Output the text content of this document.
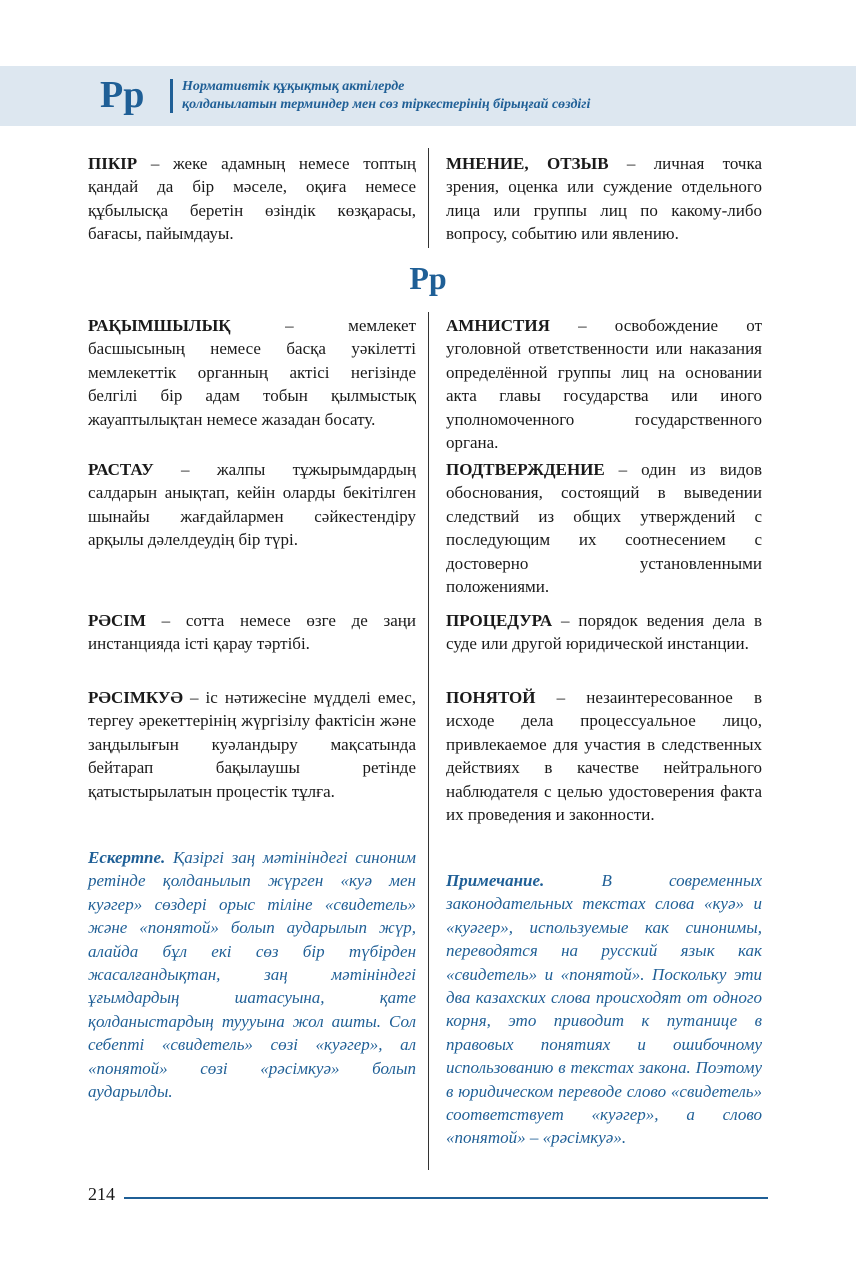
Рр	Нормативтік құқықтық актілерде
қолданылатын терминдер мен сөз тіркестерінің бірыңғай сөздігі
ПІКІР – жеке адамның немесе топтың қандай да бір мәселе, оқиға немесе құбылысқа беретін өзіндік көзқарасы, бағасы, пайымдауы.
МНЕНИЕ, ОТЗЫВ – личная точка зрения, оценка или суждение отдельного лица или группы лиц по какому-либо вопросу, событию или явлению.
Рр
РАҚЫМШЫЛЫҚ – мемлекет басшысының немесе басқа уәкілетті мемлекеттік органның актісі негізінде белгілі бір адам тобын қылмыстық жауаптылықтан немесе жазадан босату.
АМНИСТИЯ – освобождение от уголовной ответственности или наказания определённой группы лиц на основании акта главы государства или иного уполномоченного государственного органа.
РАСТАУ – жалпы тұжырымдардың салдарын анықтап, кейін оларды бекітілген шынайы жағдайлармен сәйкестендіру арқылы дәлелдеудің бір түрі.
ПОДТВЕРЖДЕНИЕ – один из видов обоснования, состоящий в выведении следствий из общих утверждений с последующим их соотнесением с достоверно установленными положениями.
РӘСІМ – сотта немесе өзге де заңи инстанцияда істі қарау тәртібі.
ПРОЦЕДУРА – порядок ведения дела в суде или другой юридической инстанции.
РӘСІМКУӘ – іс нәтижесіне мүдделі емес, тергеу әрекеттерінің жүргізілу фактісін және заңдылығын куәландыру мақсатында бейтарап бақылаушы ретінде қатыстырылатын процестік тұлға.
ПОНЯТОЙ – незаинтересованное в исходе дела процессуальное лицо, привлекаемое для участия в следственных действиях в качестве нейтрального наблюдателя с целью удостоверения факта их проведения и законности.
Ескертпе. Қазіргі заң мәтініндегі синоним ретінде қолданылып жүрген «куә мен куәгер» сөздері орыс тіліне «свидетель» және «понятой» болып аударылып жүр, алайда бұл екі сөз бір түбірден жасалғандықтан, заң мәтініндегі ұғымдардың шатасуына, қате қолданыстардың туууына жол ашты. Сол себепті «свидетель» сөзі «куәгер», ал «понятой» сөзі «рәсімкуә» болып аударылды.
Примечание. В современных законодательных текстах слова «куә» и «куәгер», используемые как синонимы, переводятся на русский язык как «свидетель» и «понятой». Поскольку эти два казахских слова происходят от одного корня, это приводит к путанице в правовых понятиях и ошибочному использованию в текстах закона. Поэтому в юридическом переводе слово «свидетель» соответствует «куәгер», а слово «понятой» – «рәсімкуә».
214
